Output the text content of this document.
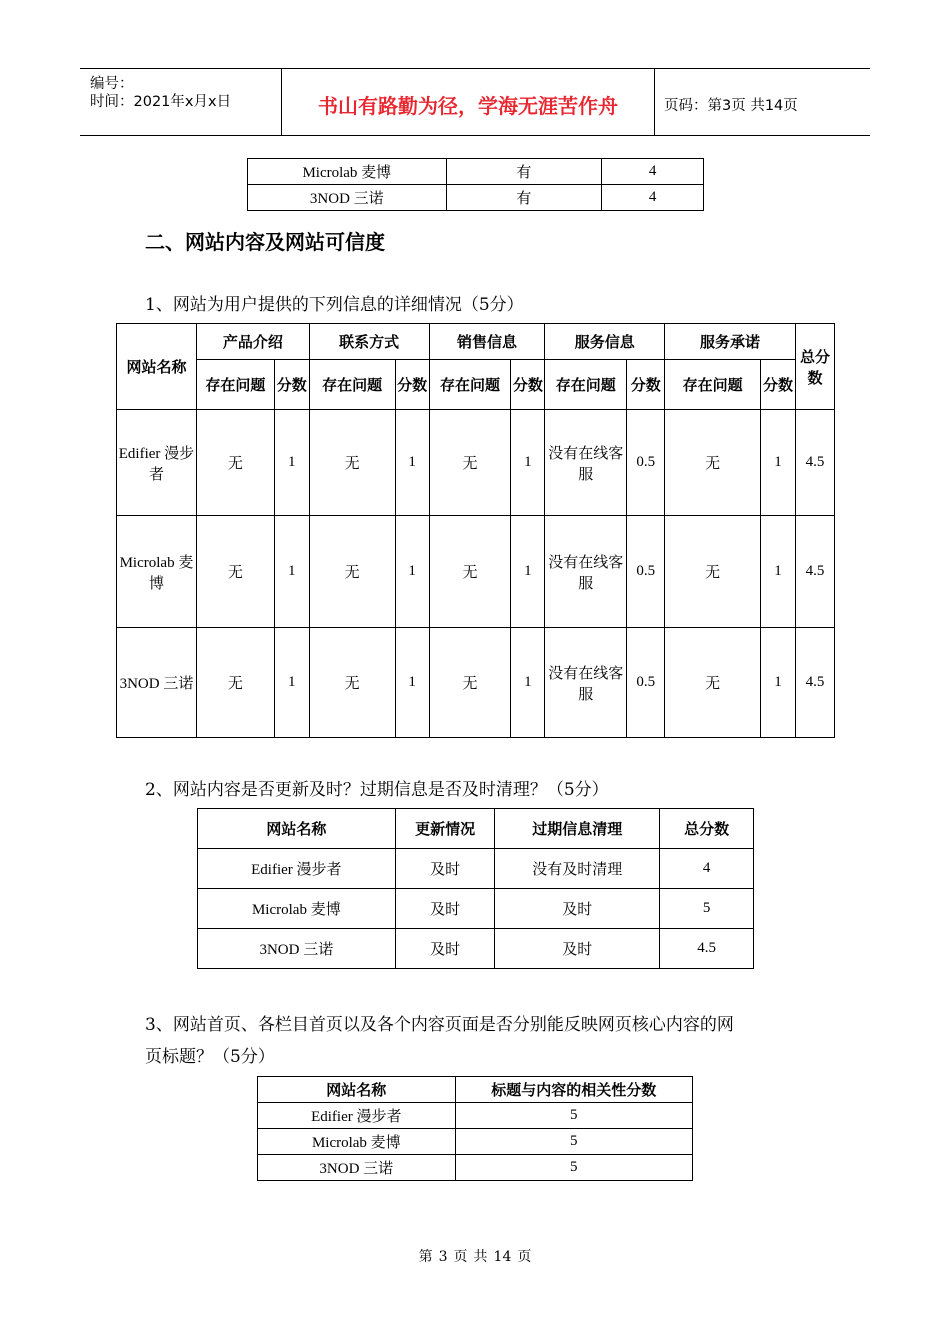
编号：
时间：2021年x月x日	书山有路勤为径，学海无涯苦作舟	页码：第3页 共14页
Microlab 麦博	有	4
3NOD 三诺	有	4
二、网站内容及网站可信度
1、网站为用户提供的下列信息的详细情况（5分）
网站名称	产品介绍		联系方式		销售信息		服务信息		服务承诺		总分数
	存在问题	分数	存在问题	分数	存在问题	分数	存在问题	分数	存在问题	分数	
Edifier 漫步者	无	1	无	1	无	1	没有在线客服	0.5	无	1	4.5
Microlab 麦博	无	1	无	1	无	1	没有在线客服	0.5	无	1	4.5
3NOD 三诺	无	1	无	1	无	1	没有在线客服	0.5	无	1	4.5
2、网站内容是否更新及时？过期信息是否及时清理？（5分）
网站名称	更新情况	过期信息清理	总分数
Edifier 漫步者	及时	没有及时清理	4
Microlab 麦博	及时	及时	5
3NOD 三诺	及时	及时	4.5
3、网站首页、各栏目首页以及各个内容页面是否分别能反映网页核心内容的网
页标题？（5分）
网站名称	标题与内容的相关性分数
Edifier 漫步者	5
Microlab 麦博	5
3NOD 三诺	5
第 3 页 共 14 页
